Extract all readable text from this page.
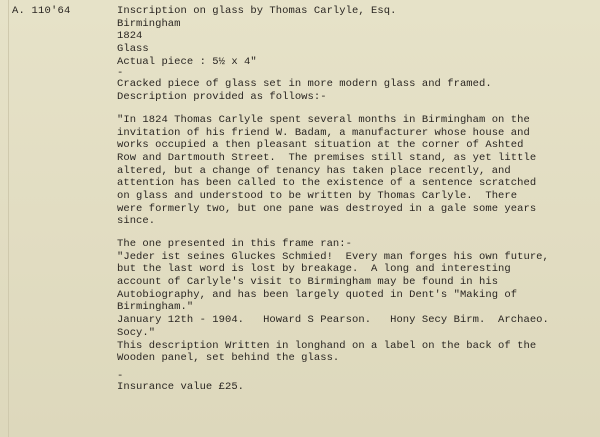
A. 110'64	Inscription on glass by Thomas Carlyle, Esq.
Birmingham
1824
Glass
Actual piece : 5½ x 4"
-
Cracked piece of glass set in more modern glass and framed.
Description provided as follows:-
"In 1824 Thomas Carlyle spent several months in Birmingham on the
invitation of his friend W. Badam, a manufacturer whose house and
works occupied a then pleasant situation at the corner of Ashted
Row and Dartmouth Street.  The premises still stand, as yet little
altered, but a change of tenancy has taken place recently, and
attention has been called to the existence of a sentence scratched
on glass and understood to be written by Thomas Carlyle.  There
were formerly two, but one pane was destroyed in a gale some years
since.
The one presented in this frame ran:-
"Jeder ist seines Gluckes Schmied!  Every man forges his own future,
but the last word is lost by breakage.  A long and interesting
account of Carlyle's visit to Birmingham may be found in his
Autobiography, and has been largely quoted in Dent's "Making of
Birmingham."
January 12th - 1904.   Howard S Pearson.   Hony Secy Birm.  Archaeo.
Socy."
This description Written in longhand on a label on the back of the
Wooden panel, set behind the glass.
-
Insurance value £25.
